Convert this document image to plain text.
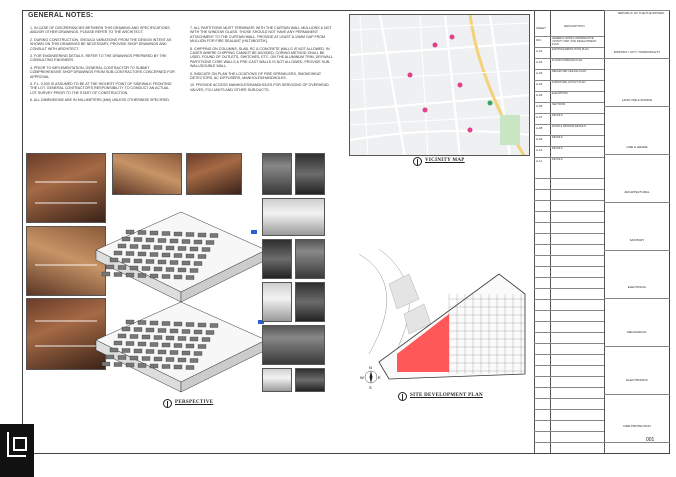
GENERAL NOTES:
1. IN CASE OF DISCREPANCIES BETWEEN THIS DRAWING AND SPECIFICATIONS AND/OR OTHER DRAWINGS, PLEASE REFER TO THE ARCHITECT.
2. DURING CONSTRUCTION, SHOULD VARIATIONS FROM THE DESIGN INTENT AS SHOWN ON THIS DRAWINGS BE NECESSARY, PROVIDE SHOP DRAWINGS AND CONSULT WITH ARCHITECT.
3. FOR ENGINEERING DETAILS, REFER TO THE DRAWINGS PREPARED BY THE CONSULTING ENGINEER.
4. PRIOR TO IMPLEMENTATION, GENERAL CONTRACTOR TO SUBMIT COMPREHENSIVE SHOP DRAWINGS FROM SUB-CONTRACTORS CONCERNED FOR APPROVAL.
5. F.L. 0.000 IS ASSUMED TO BE AT THE HIGHEST POINT OF SIDEWALK FRONTING THE LOT. GENERAL CONTRACTOR'S RESPONSIBILITY TO CONDUCT AN ACTUAL LOT SURVEY PRIOR TO THE START OF CONSTRUCTION.
6. ALL DIMENSIONS ARE IN MILLIMETERS (MM) UNLESS OTHERWISE SPECIFIED.
7. ALL PARTITIONS MUST TERMINATE WITH THE CURTAIN WALL MULLIONS & NOT WITH THE WINDOW GLASS. THOSE SHOULD NOT HAVE ANY PERMANENT ATTACHMENT TO THE CURTAIN WALL. PROVIDE AT LEAST 6-10MM GAP FROM MULLION FOR FIRE SEALANT (HILTI/BOSTIK).
8. CHIPPING ON COLUMNS, SLAB, RC & CONCRETE WALLS IS NOT ALLOWED. IN CASES WHERE CHIPPING CANNOT BE AVOIDED, CORING METHOD SHALL BE USED. FOUND OF OUTLETS, SWITCHES, ETC. ON THE ALUMINUM TRIM, DRYWALL PARTITIONS CORE WALLS & PRE-CAST WALLS IS NOT ALLOWED. PROVIDE SUB-WALL/DOUBLE WALL.
9. INDICATE ON PLAN THE LOCATIONS OF FIRE SPRINKLERS, SMOKE/HEAT DETECTORS, AC DIFFUSERS, MANHOLES/HANDHOLES.
10. PROVIDE ACCESS MANHOLES/HANDHOLES FOR SERVICING OF OVERHEAD VALVES, FCU UNITS AND OTHER SUB-DUCTS.
PERSPECTIVE
VICINITY MAP
N
W	E
S
SITE DEVELOPMENT PLAN
SHEET	DESCRIPTION
REPUBLIC OF THE PHILIPPINES
001	GENERAL NOTES, PERSPECTIVE, VICINITY MAP, SITE DEVELOPMENT PLAN
A-01	EXISTING/DEMOLITION PLAN
A-02	FLOOR FINISHING PLAN
A-03	REFLECTED CEILING PLAN
A-04	FURNITURE LAYOUT PLAN
A-05	ELEVATIONS
A-06	SECTIONS
A-07	DETAILS
A-08	DOOR & WINDOW DETAILS
A-09	DETAILS
A-10	DETAILS
A-11	DETAILS
DISTRICT / CITY / MUNICIPALITY
LAND USE & ZONING
LINE & GRADE
ARCHITECTURAL
SANITARY
ELECTRICAL
MECHANICAL
ELECTRONICS
FIRE PROTECTION
001
